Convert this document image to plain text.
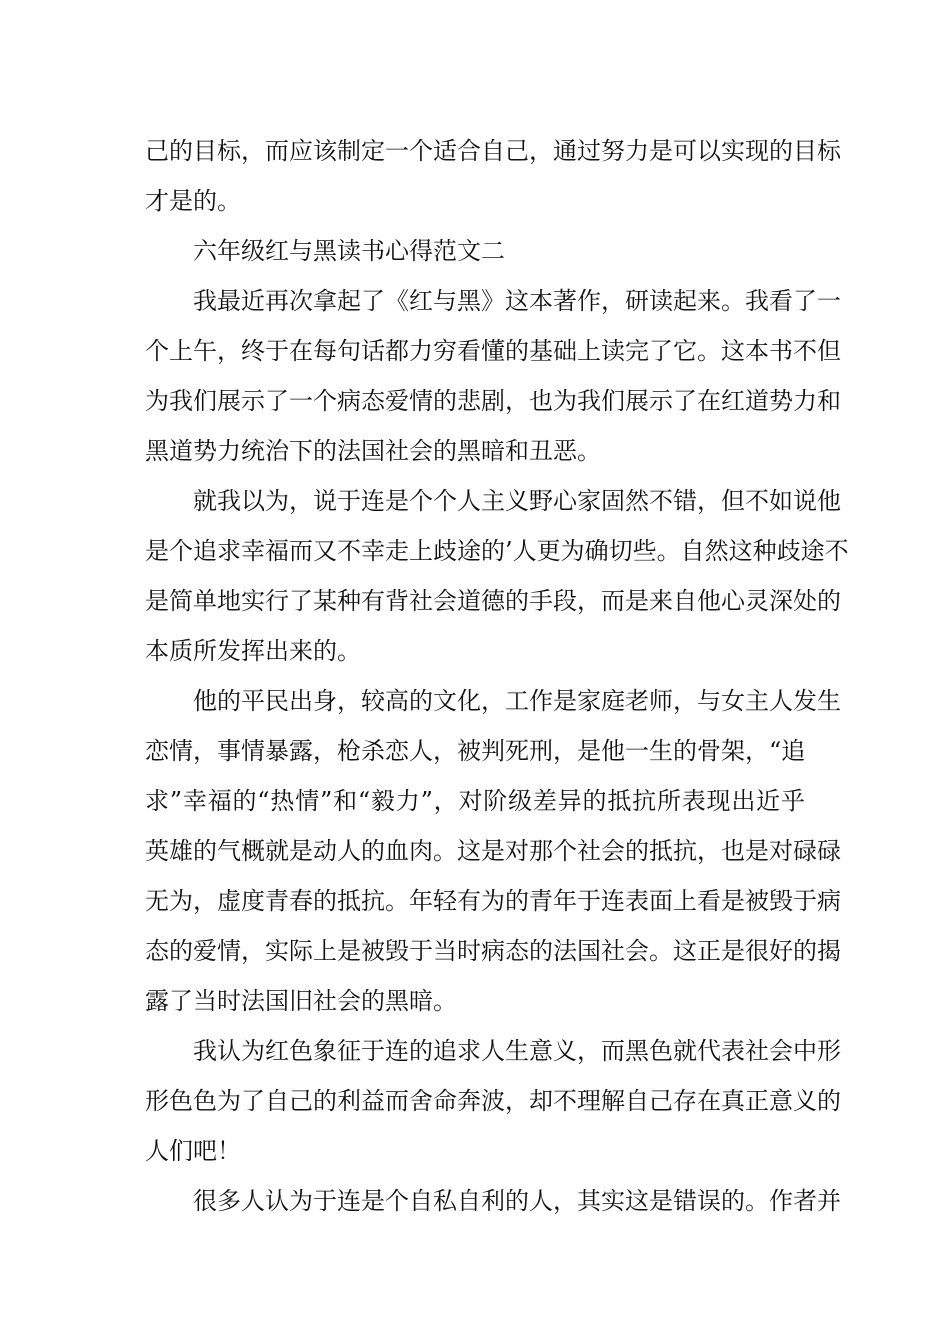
己的目标，而应该制定一个适合自己，通过努力是可以实现的目标
才是的。
六年级红与黑读书心得范文二
我最近再次拿起了《红与黑》这本著作，研读起来。我看了一
个上午，终于在每句话都力穷看懂的基础上读完了它。这本书不但
为我们展示了一个病态爱情的悲剧，也为我们展示了在红道势力和
黑道势力统治下的法国社会的黑暗和丑恶。
就我以为，说于连是个个人主义野心家固然不错，但不如说他
是个追求幸福而又不幸走上歧途的’人更为确切些。自然这种歧途不
是简单地实行了某种有背社会道德的手段，而是来自他心灵深处的
本质所发挥出来的。
他的平民出身，较高的文化，工作是家庭老师，与女主人发生
恋情，事情暴露，枪杀恋人，被判死刑，是他一生的骨架，“追
求”幸福的“热情”和“毅力”，对阶级差异的抵抗所表现出近乎
英雄的气概就是动人的血肉。这是对那个社会的抵抗，也是对碌碌
无为，虚度青春的抵抗。年轻有为的青年于连表面上看是被毁于病
态的爱情，实际上是被毁于当时病态的法国社会。这正是很好的揭
露了当时法国旧社会的黑暗。
我认为红色象征于连的追求人生意义，而黑色就代表社会中形
形色色为了自己的利益而舍命奔波，却不理解自己存在真正意义的
人们吧！
很多人认为于连是个自私自利的人，其实这是错误的。作者并
